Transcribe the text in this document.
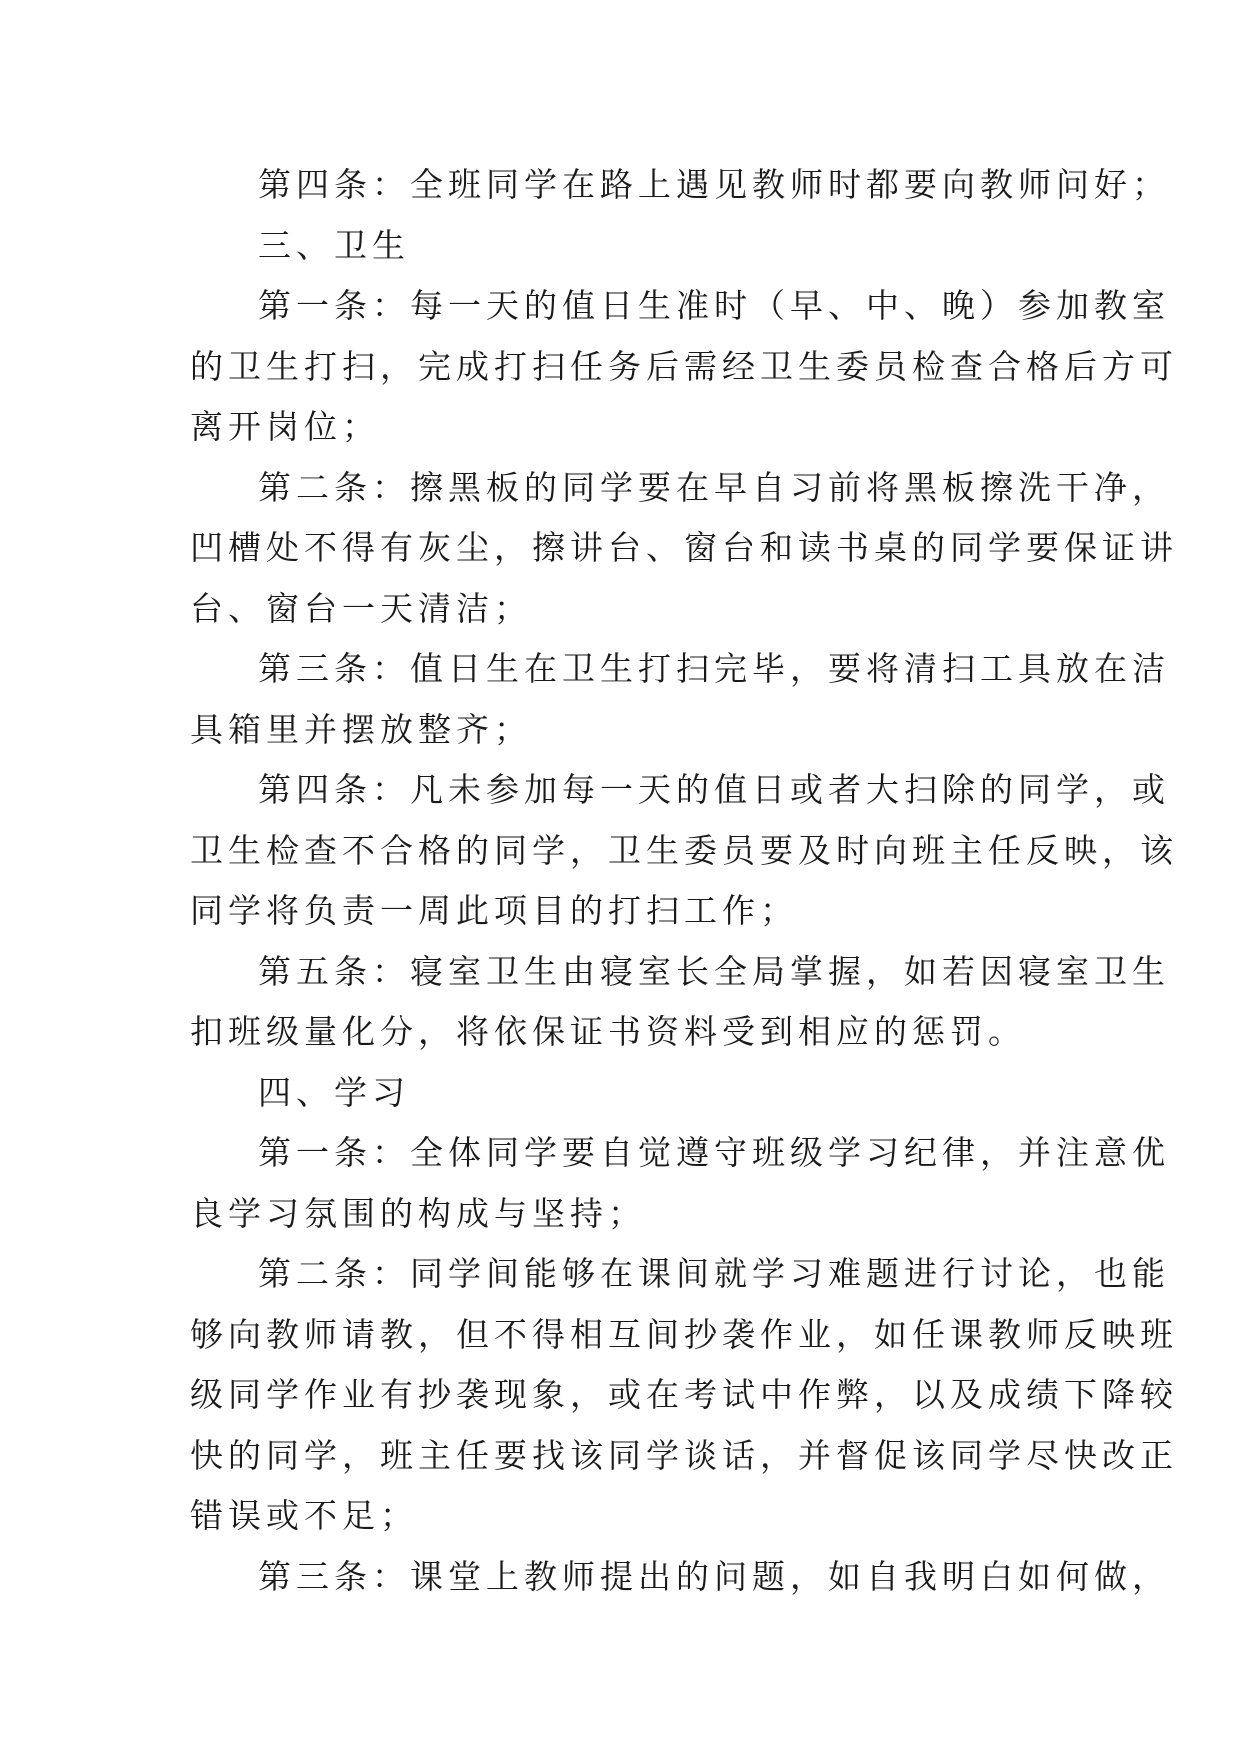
第四条：全班同学在路上遇见教师时都要向教师问好；

三、卫生

第一条：每一天的值日生准时（早、中、晚）参加教室
的卫生打扫，完成打扫任务后需经卫生委员检查合格后方可
离开岗位；

第二条：擦黑板的同学要在早自习前将黑板擦洗干净，
凹槽处不得有灰尘，擦讲台、窗台和读书桌的同学要保证讲
台、窗台一天清洁；

第三条：值日生在卫生打扫完毕，要将清扫工具放在洁
具箱里并摆放整齐；

第四条：凡未参加每一天的值日或者大扫除的同学，或
卫生检查不合格的同学，卫生委员要及时向班主任反映，该
同学将负责一周此项目的打扫工作；

第五条：寝室卫生由寝室长全局掌握，如若因寝室卫生
扣班级量化分，将依保证书资料受到相应的惩罚。

四、学习

第一条：全体同学要自觉遵守班级学习纪律，并注意优
良学习氛围的构成与坚持；

第二条：同学间能够在课间就学习难题进行讨论，也能
够向教师请教，但不得相互间抄袭作业，如任课教师反映班
级同学作业有抄袭现象，或在考试中作弊，以及成绩下降较
快的同学，班主任要找该同学谈话，并督促该同学尽快改正
错误或不足；

第三条：课堂上教师提出的问题，如自我明白如何做，
